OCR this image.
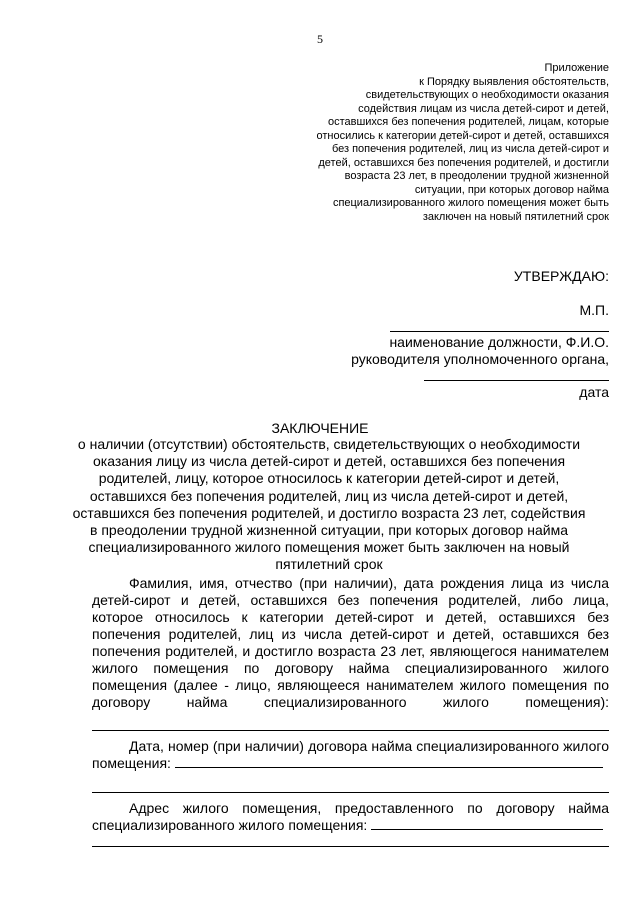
5
Приложение
к Порядку выявления обстоятельств,
свидетельствующих о необходимости оказания
содействия лицам из числа детей-сирот и детей,
оставшихся без попечения родителей, лицам, которые
относились к категории детей-сирот и детей, оставшихся
без попечения родителей, лиц из числа детей-сирот и
детей, оставшихся без попечения родителей, и достигли
возраста 23 лет, в преодолении трудной жизненной
ситуации, при которых договор найма
специализированного жилого помещения может быть
заключен на новый пятилетний срок
УТВЕРЖДАЮ:
М.П.
наименование должности, Ф.И.О.
руководителя уполномоченного органа,
дата
ЗАКЛЮЧЕНИЕ
о наличии (отсутствии) обстоятельств, свидетельствующих о необходимости
оказания лицу из числа детей-сирот и детей, оставшихся без попечения
родителей, лицу, которое относилось к категории детей-сирот и детей,
оставшихся без попечения родителей, лиц из числа детей-сирот и детей,
оставшихся без попечения родителей, и достигло возраста 23 лет, содействия
в преодолении трудной жизненной ситуации, при которых договор найма
специализированного жилого помещения может быть заключен на новый
пятилетний срок
Фамилия, имя, отчество (при наличии), дата рождения лица из числа
детей-сирот и детей, оставшихся без попечения родителей, либо лица,
которое относилось к категории детей-сирот и детей, оставшихся без
попечения родителей, лиц из числа детей-сирот и детей, оставшихся без
попечения родителей, и достигло возраста 23 лет, являющегося нанимателем
жилого помещения по договору найма специализированного жилого
помещения (далее - лицо, являющееся нанимателем жилого помещения по
договору найма специализированного жилого помещения):
Дата, номер (при наличии) договора найма специализированного жилого
помещения:
Адрес жилого помещения, предоставленного по договору найма
специализированного жилого помещения:
